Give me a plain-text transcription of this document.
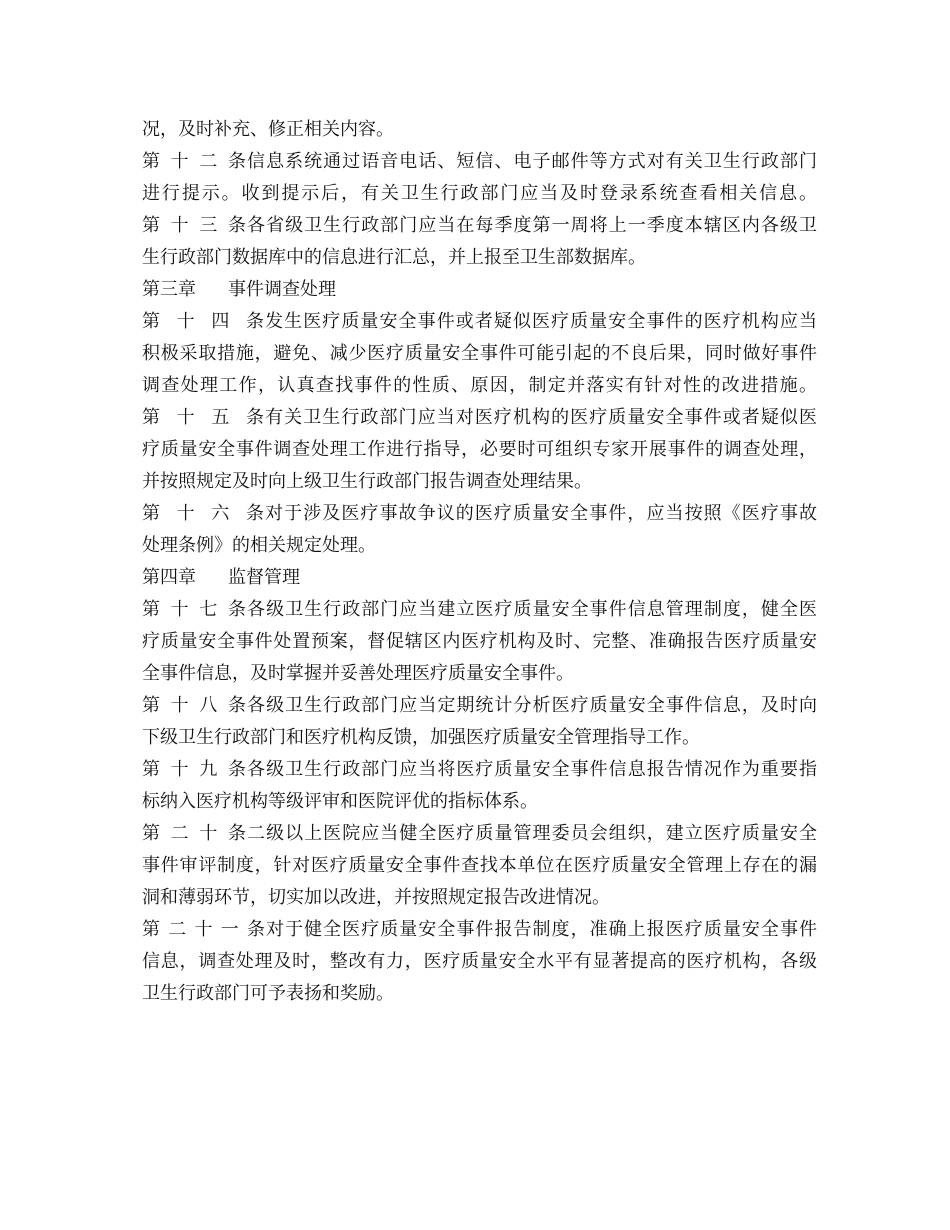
况，及时补充、修正相关内容。
第十二条信息系统通过语音电话、短信、电子邮件等方式对有关卫生行政部门
进行提示。收到提示后，有关卫生行政部门应当及时登录系统查看相关信息。
第十三条各省级卫生行政部门应当在每季度第一周将上一季度本辖区内各级卫
生行政部门数据库中的信息进行汇总，并上报至卫生部数据库。
第三章 事件调查处理
第十四条发生医疗质量安全事件或者疑似医疗质量安全事件的医疗机构应当
积极采取措施，避免、减少医疗质量安全事件可能引起的不良后果，同时做好事件
调查处理工作，认真查找事件的性质、原因，制定并落实有针对性的改进措施。
第十五条有关卫生行政部门应当对医疗机构的医疗质量安全事件或者疑似医
疗质量安全事件调查处理工作进行指导，必要时可组织专家开展事件的调查处理，
并按照规定及时向上级卫生行政部门报告调查处理结果。
第十六条对于涉及医疗事故争议的医疗质量安全事件，应当按照《医疗事故
处理条例》的相关规定处理。
第四章 监督管理
第十七条各级卫生行政部门应当建立医疗质量安全事件信息管理制度，健全医
疗质量安全事件处置预案，督促辖区内医疗机构及时、完整、准确报告医疗质量安
全事件信息，及时掌握并妥善处理医疗质量安全事件。
第十八条各级卫生行政部门应当定期统计分析医疗质量安全事件信息，及时向
下级卫生行政部门和医疗机构反馈，加强医疗质量安全管理指导工作。
第十九条各级卫生行政部门应当将医疗质量安全事件信息报告情况作为重要指
标纳入医疗机构等级评审和医院评优的指标体系。
第二十条二级以上医院应当健全医疗质量管理委员会组织，建立医疗质量安全
事件审评制度，针对医疗质量安全事件查找本单位在医疗质量安全管理上存在的漏
洞和薄弱环节，切实加以改进，并按照规定报告改进情况。
第二十一条对于健全医疗质量安全事件报告制度，准确上报医疗质量安全事件
信息，调查处理及时，整改有力，医疗质量安全水平有显著提高的医疗机构，各级
卫生行政部门可予表扬和奖励。
